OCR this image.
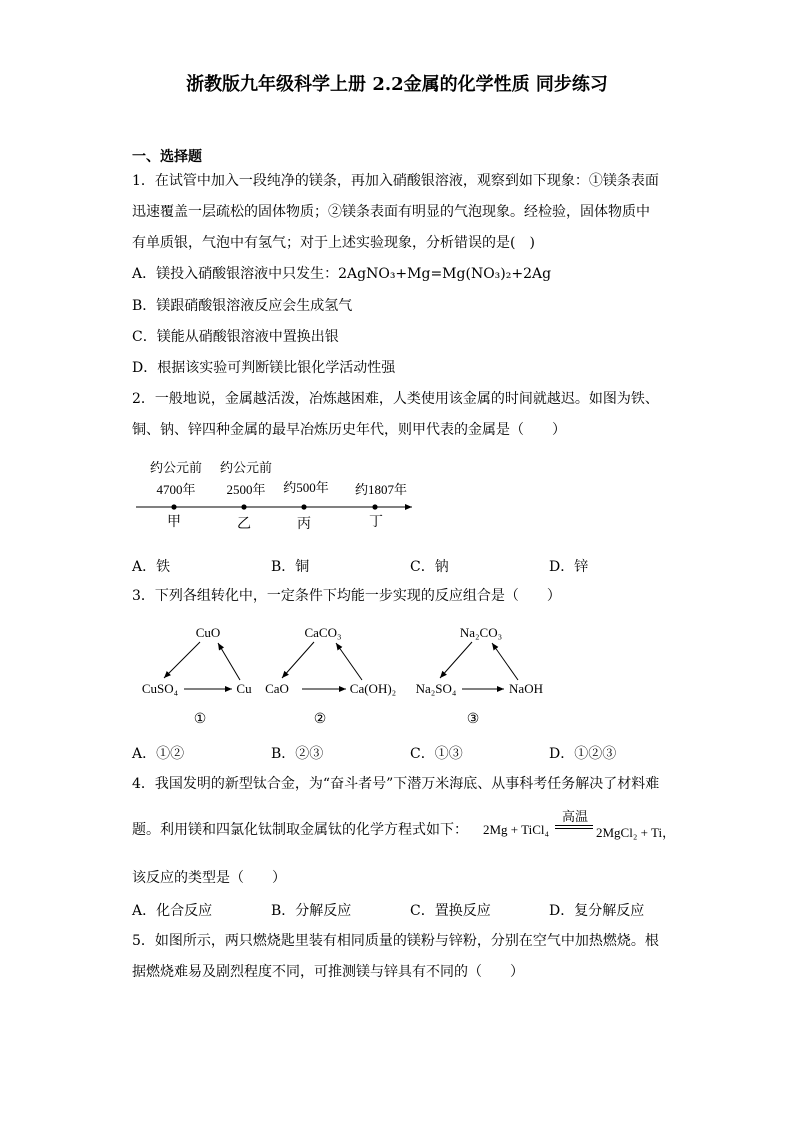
浙教版九年级科学上册 2.2金属的化学性质 同步练习
一、选择题
1．在试管中加入一段纯净的镁条，再加入硝酸银溶液，观察到如下现象：①镁条表面
迅速覆盖一层疏松的固体物质；②镁条表面有明显的气泡现象。经检验，固体物质中
有单质银，气泡中有氢气；对于上述实验现象，分析错误的是(　)
A．镁投入硝酸银溶液中只发生：2AgNO₃+Mg=Mg(NO₃)₂+2Ag
B．镁跟硝酸银溶液反应会生成氢气
C．镁能从硝酸银溶液中置换出银
D．根据该实验可判断镁比银化学活动性强
2．一般地说，金属越活泼，冶炼越困难，人类使用该金属的时间就越迟。如图为铁、
铜、钠、锌四种金属的最早冶炼历史年代，则甲代表的金属是（　　）
约公元前 约公元前
4700年 2500年 约500年 约1807年
甲	乙	丙	丁
A．铁	B．铜	C．钠	D．锌
3．下列各组转化中，一定条件下均能一步实现的反应组合是（　　）
CuO
CuSO₄	Cu
①
CaCO₃
CaO	Ca(OH)₂
②
Na₂CO₃
Na₂SO₄	NaOH
③
A．①②	B．②③	C．①③	D．①②③
4．我国发明的新型钛合金，为“奋斗者号”下潜万米海底、从事科考任务解决了材料难
题。利用镁和四氯化钛制取金属钛的化学方程式如下： 2Mg + TiCl₄
高温
2MgCl₂ + Ti，
该反应的类型是（　　）
A．化合反应	B．分解反应	C．置换反应	D．复分解反应
5．如图所示，两只燃烧匙里装有相同质量的镁粉与锌粉，分别在空气中加热燃烧。根
据燃烧难易及剧烈程度不同，可推测镁与锌具有不同的（　　）
